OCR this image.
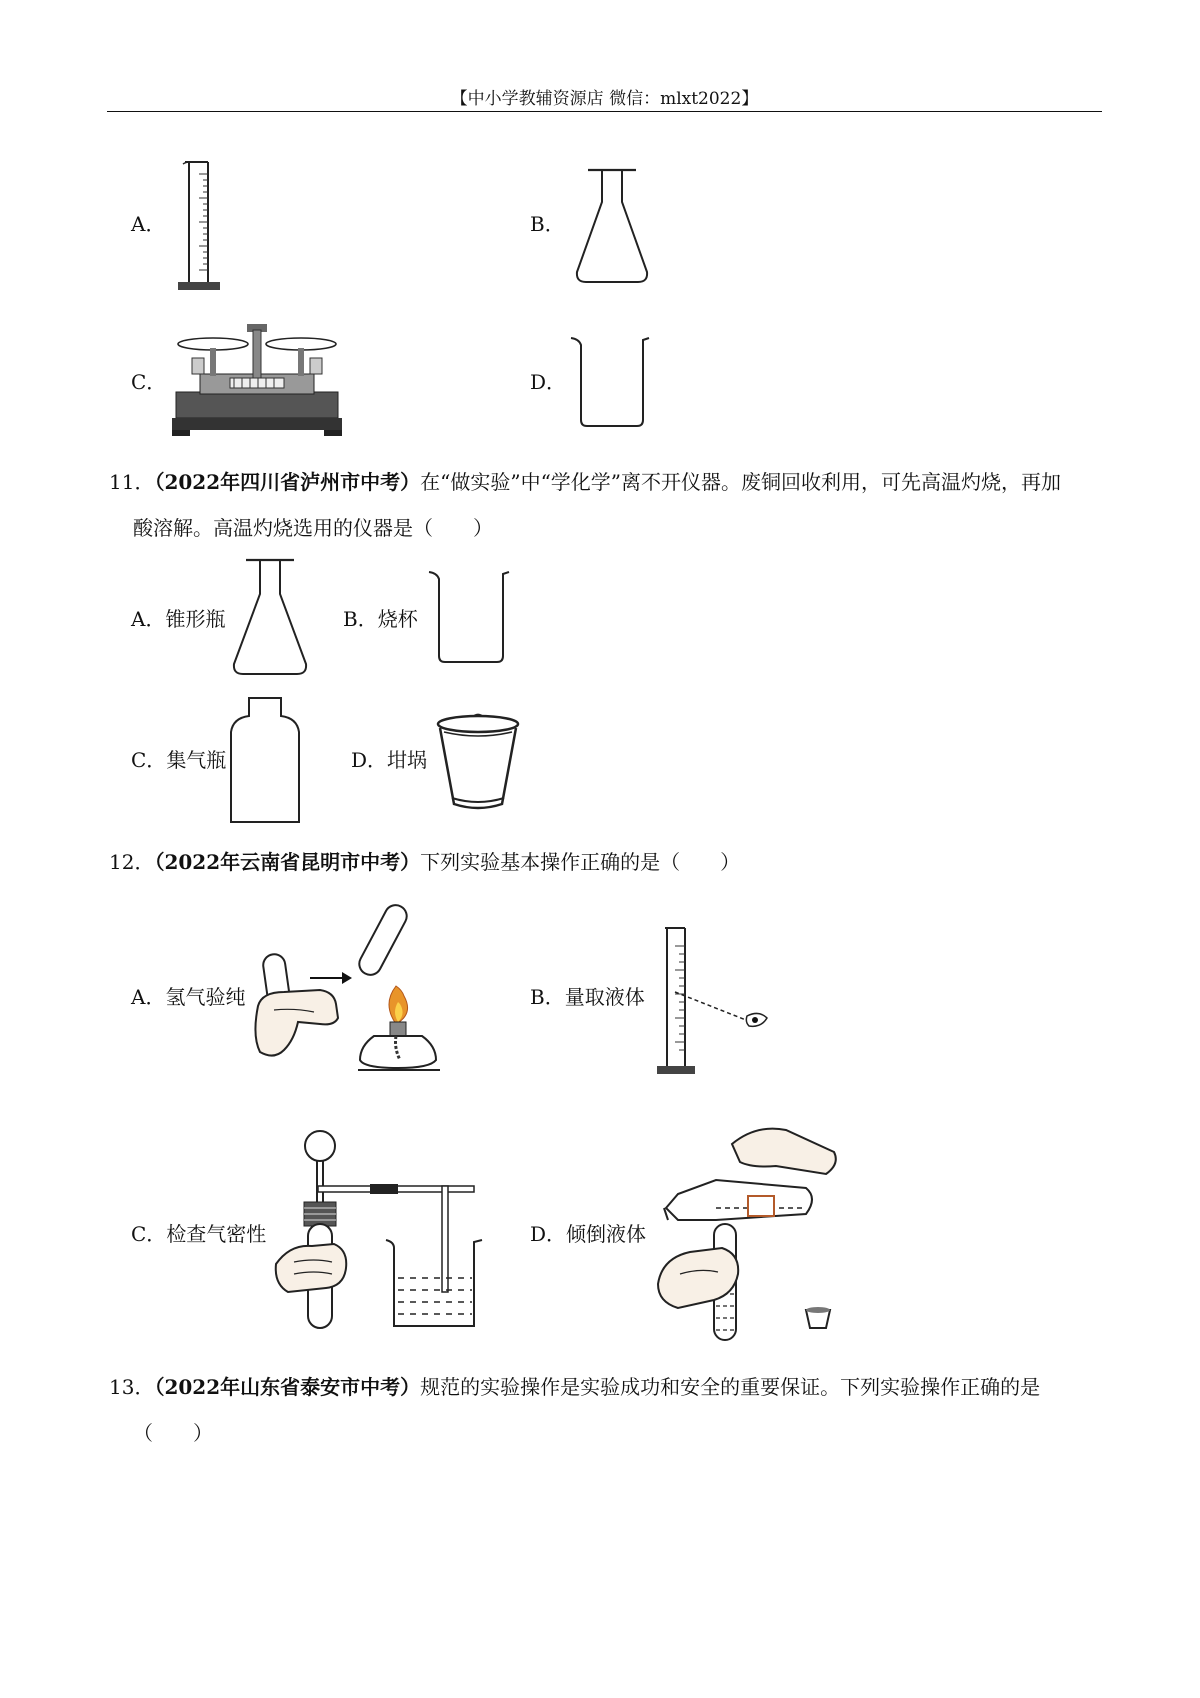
【中小学教辅资源店 微信：mlxt2022】
A．	B．
C．	D．
11．（2022年四川省泸州市中考）在“做实验”中“学化学”离不开仪器。废铜回收利用，可先高温灼烧，再加
酸溶解。高温灼烧选用的仪器是（　　）
A．锥形瓶	B．烧杯
C．集气瓶	D．坩埚
12．（2022年云南省昆明市中考）下列实验基本操作正确的是（　　）
A．氢气验纯	B．量取液体
C．检查气密性	D．倾倒液体
13．（2022年山东省泰安市中考）规范的实验操作是实验成功和安全的重要保证。下列实验操作正确的是
（　　）
